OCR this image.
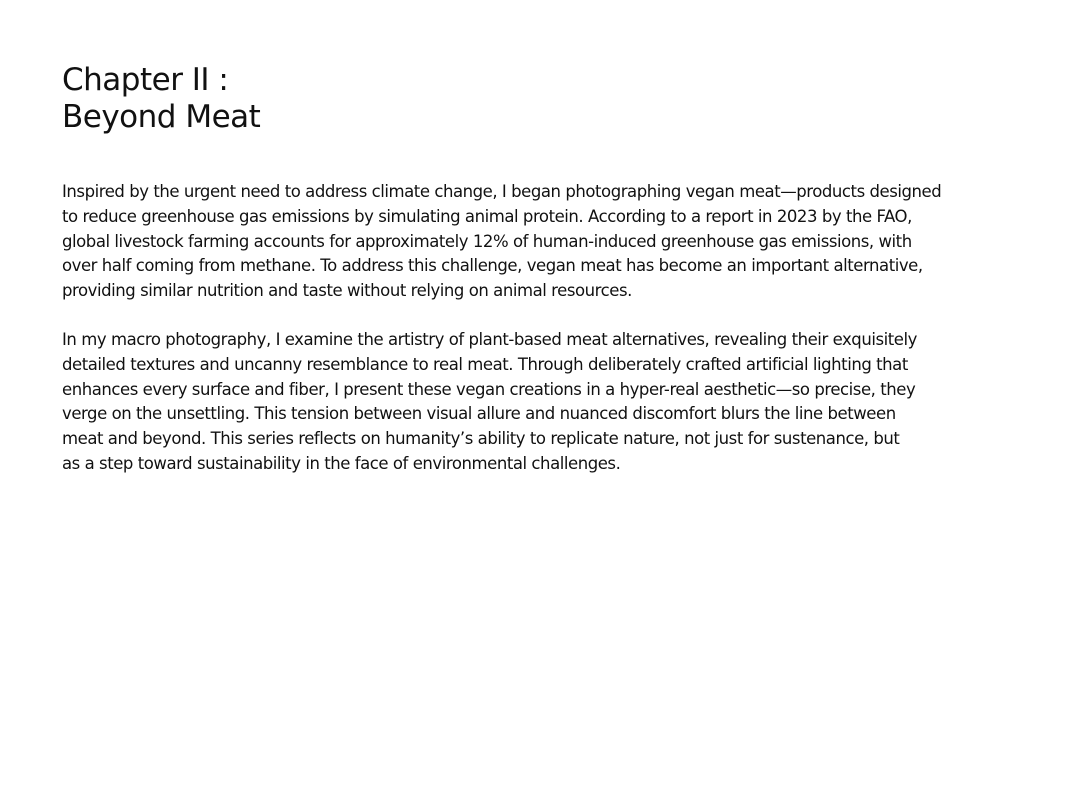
Chapter II :
Beyond Meat

Inspired by the urgent need to address climate change, I began photographing vegan meat—products designed
to reduce greenhouse gas emissions by simulating animal protein. According to a report in 2023 by the FAO,
global livestock farming accounts for approximately 12% of human-induced greenhouse gas emissions, with
over half coming from methane. To address this challenge, vegan meat has become an important alternative,
providing similar nutrition and taste without relying on animal resources.

In my macro photography, I examine the artistry of plant-based meat alternatives, revealing their exquisitely
detailed textures and uncanny resemblance to real meat. Through deliberately crafted artificial lighting that
enhances every surface and fiber, I present these vegan creations in a hyper-real aesthetic—so precise, they
verge on the unsettling. This tension between visual allure and nuanced discomfort blurs the line between
meat and beyond. This series reflects on humanity’s ability to replicate nature, not just for sustenance, but
as a step toward sustainability in the face of environmental challenges.
